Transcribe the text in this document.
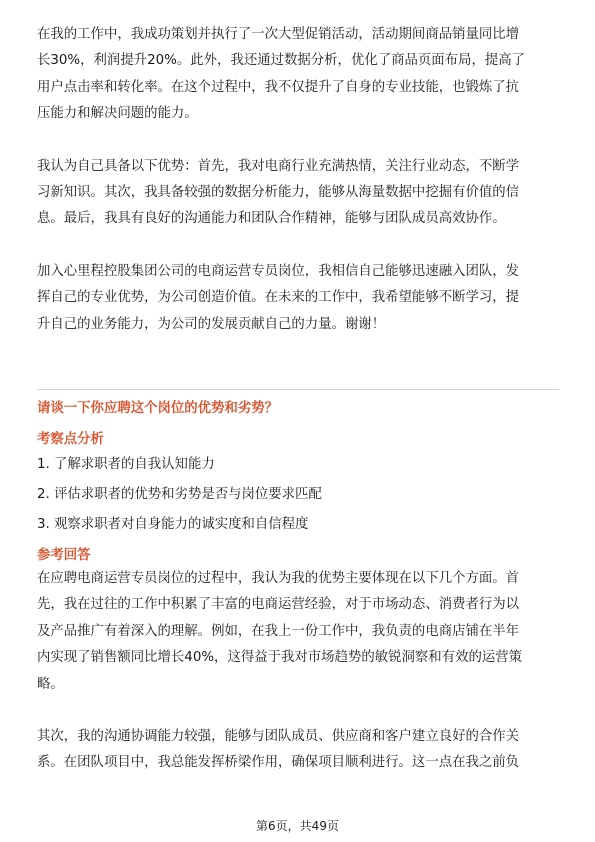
在我的工作中，我成功策划并执行了一次大型促销活动，活动期间商品销量同比增
长30%，利润提升20%。此外，我还通过数据分析，优化了商品页面布局，提高了
用户点击率和转化率。在这个过程中，我不仅提升了自身的专业技能，也锻炼了抗
压能力和解决问题的能力。

我认为自己具备以下优势：首先，我对电商行业充满热情，关注行业动态，不断学
习新知识。其次，我具备较强的数据分析能力，能够从海量数据中挖掘有价值的信
息。最后，我具有良好的沟通能力和团队合作精神，能够与团队成员高效协作。

加入心里程控股集团公司的电商运营专员岗位，我相信自己能够迅速融入团队，发
挥自己的专业优势，为公司创造价值。在未来的工作中，我希望能够不断学习，提
升自己的业务能力，为公司的发展贡献自己的力量。谢谢！

请谈一下你应聘这个岗位的优势和劣势？
考察点分析
1. 了解求职者的自我认知能力
2. 评估求职者的优势和劣势是否与岗位要求匹配
3. 观察求职者对自身能力的诚实度和自信程度
参考回答

在应聘电商运营专员岗位的过程中，我认为我的优势主要体现在以下几个方面。首
先，我在过往的工作中积累了丰富的电商运营经验，对于市场动态、消费者行为以
及产品推广有着深入的理解。例如，在我上一份工作中，我负责的电商店铺在半年
内实现了销售额同比增长40%，这得益于我对市场趋势的敏锐洞察和有效的运营策
略。

其次，我的沟通协调能力较强，能够与团队成员、供应商和客户建立良好的合作关
系。在团队项目中，我总能发挥桥梁作用，确保项目顺利进行。这一点在我之前负

第6页，共49页
